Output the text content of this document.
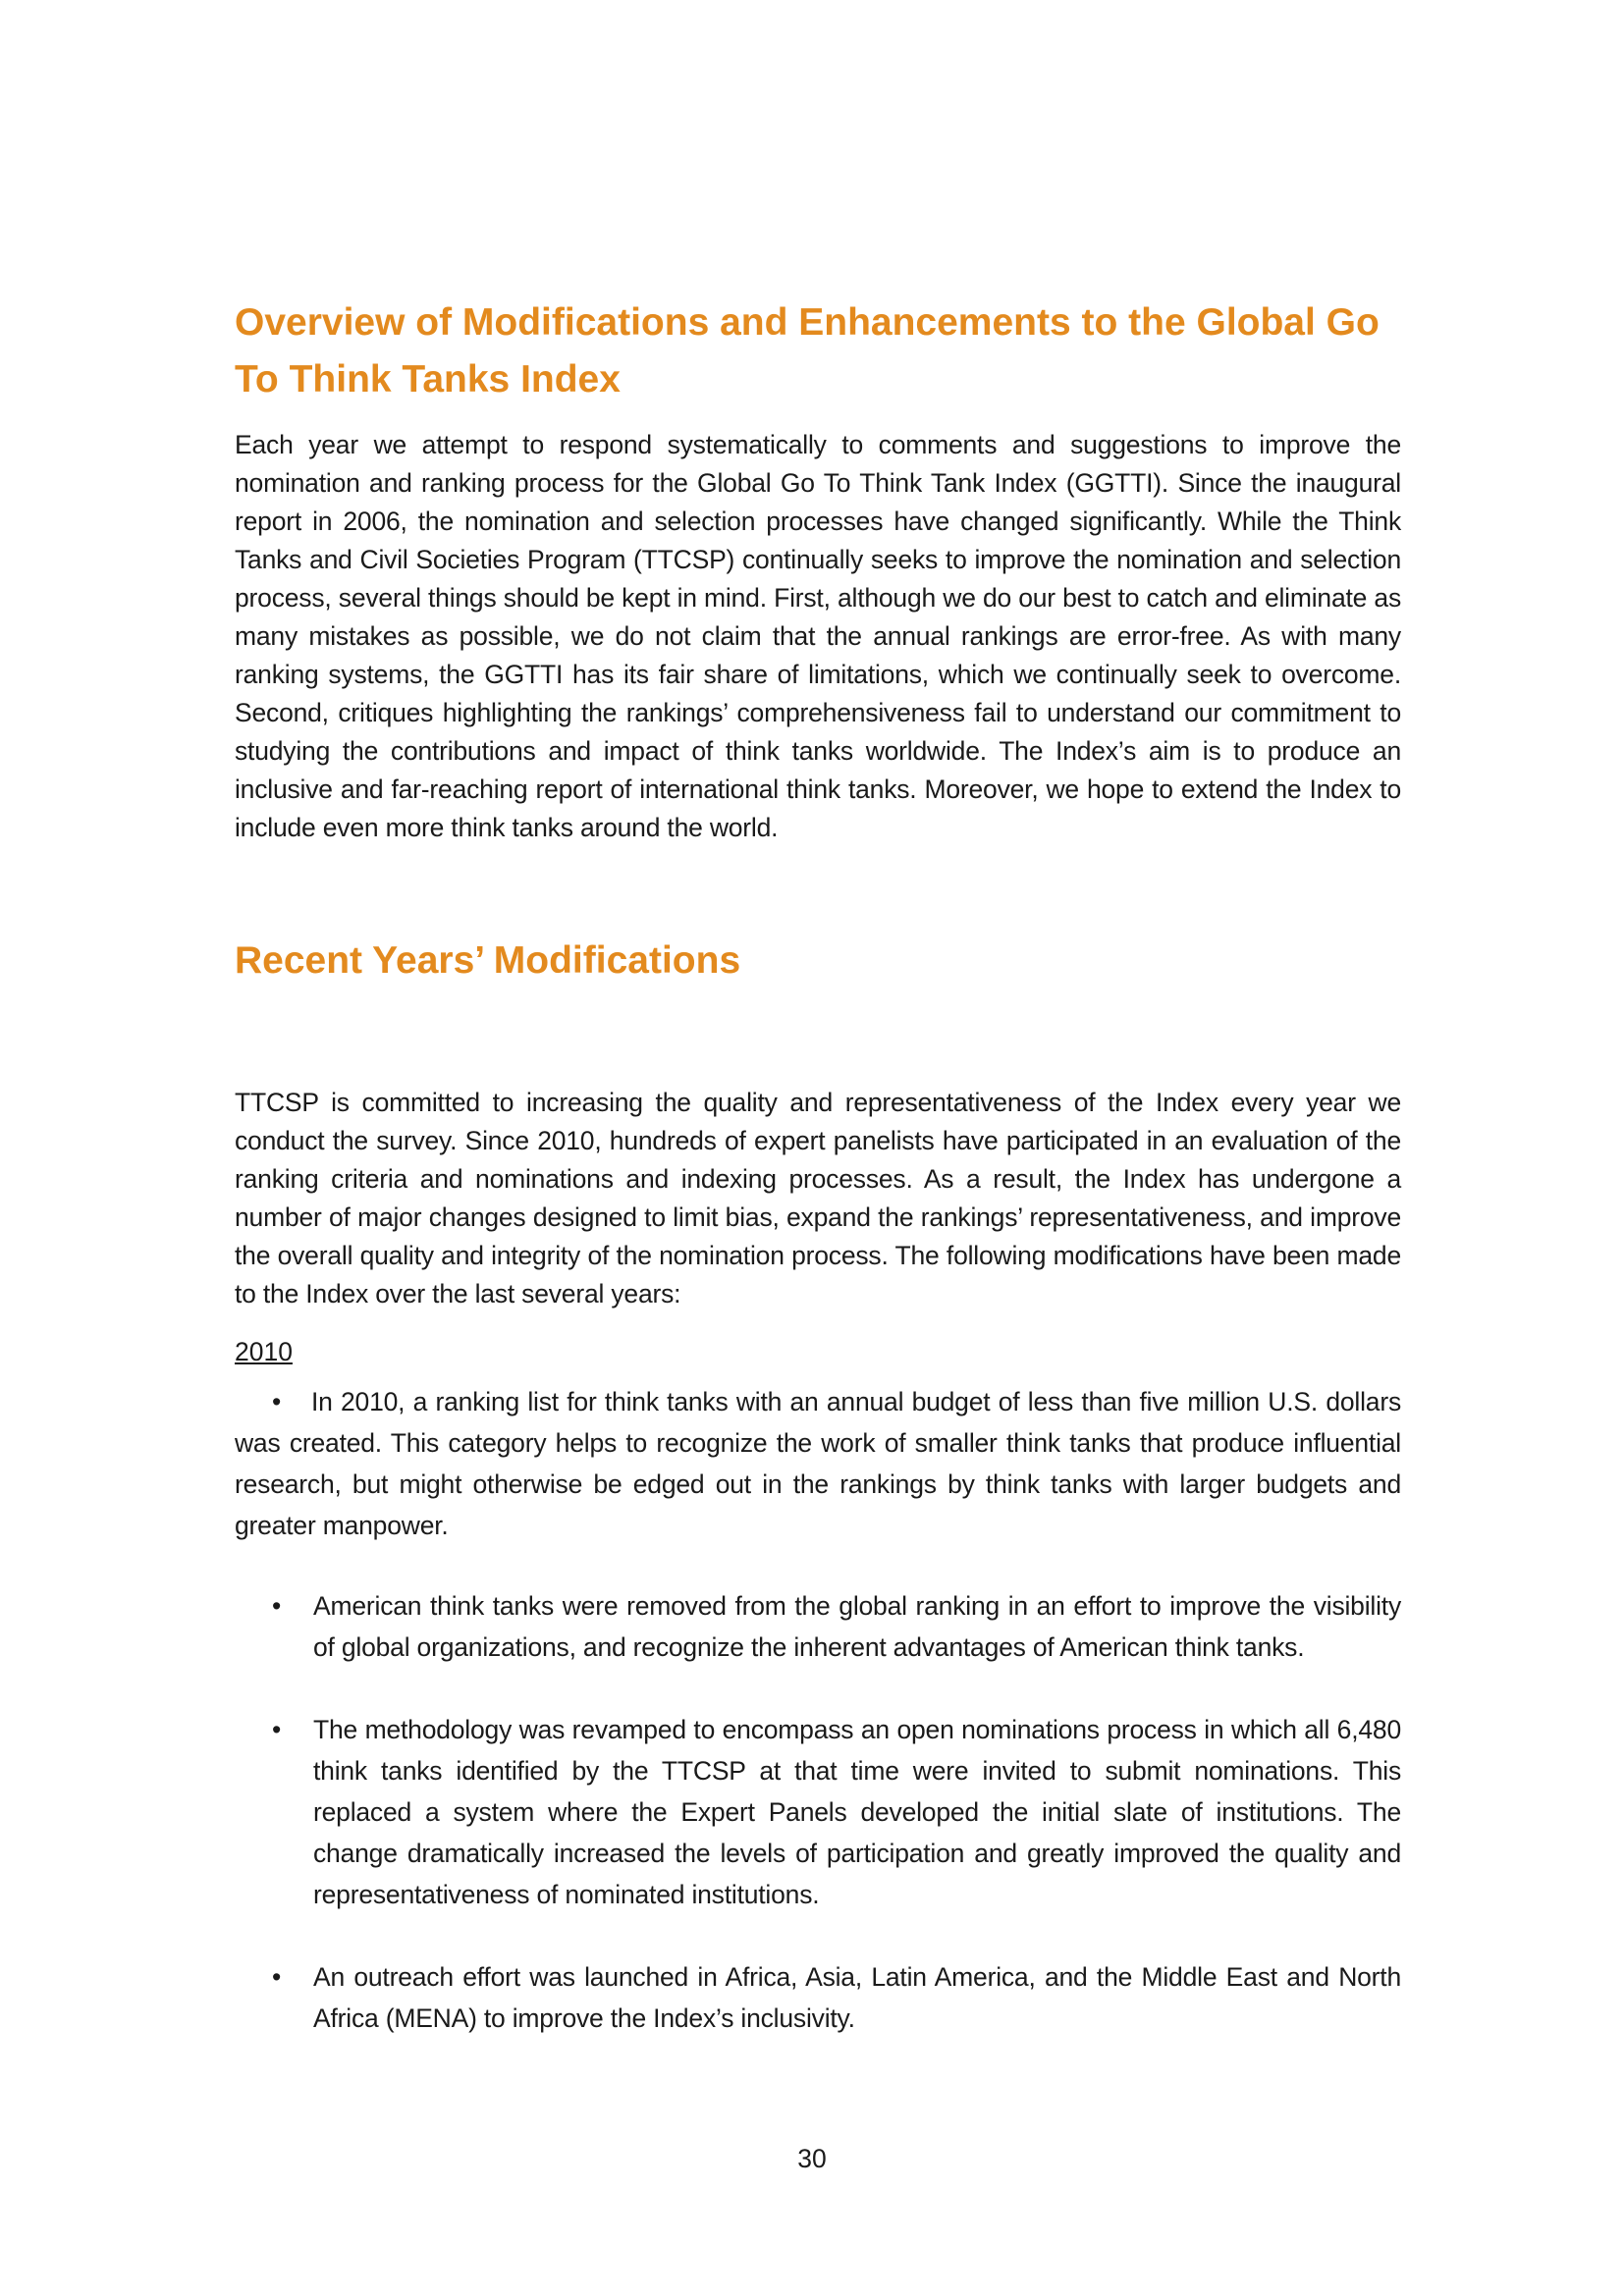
Overview of Modifications and Enhancements to the Global Go To Think Tanks Index

Each year we attempt to respond systematically to comments and suggestions to improve the nomination and ranking process for the Global Go To Think Tank Index (GGTTI). Since the inaugural report in 2006, the nomination and selection processes have changed significantly. While the Think Tanks and Civil Societies Program (TTCSP) continually seeks to improve the nomination and selection process, several things should be kept in mind. First, although we do our best to catch and eliminate as many mistakes as possible, we do not claim that the annual rankings are error-free. As with many ranking systems, the GGTTI has its fair share of limitations, which we continually seek to overcome. Second, critiques highlighting the rankings’ comprehensiveness fail to understand our commitment to studying the contributions and impact of think tanks worldwide. The Index’s aim is to produce an inclusive and far-reaching report of international think tanks. Moreover, we hope to extend the Index to include even more think tanks around the world.

Recent Years’ Modifications

TTCSP is committed to increasing the quality and representativeness of the Index every year we conduct the survey. Since 2010, hundreds of expert panelists have participated in an evaluation of the ranking criteria and nominations and indexing processes. As a result, the Index has undergone a number of major changes designed to limit bias, expand the rankings’ representativeness, and improve the overall quality and integrity of the nomination process. The following modifications have been made to the Index over the last several years:

2010
• In 2010, a ranking list for think tanks with an annual budget of less than five million U.S. dollars was created. This category helps to recognize the work of smaller think tanks that produce influential research, but might otherwise be edged out in the rankings by think tanks with larger budgets and greater manpower.
• American think tanks were removed from the global ranking in an effort to improve the visibility of global organizations, and recognize the inherent advantages of American think tanks.
• The methodology was revamped to encompass an open nominations process in which all 6,480 think tanks identified by the TTCSP at that time were invited to submit nominations. This replaced a system where the Expert Panels developed the initial slate of institutions. The change dramatically increased the levels of participation and greatly improved the quality and representativeness of nominated institutions.
• An outreach effort was launched in Africa, Asia, Latin America, and the Middle East and North Africa (MENA) to improve the Index’s inclusivity.
30
